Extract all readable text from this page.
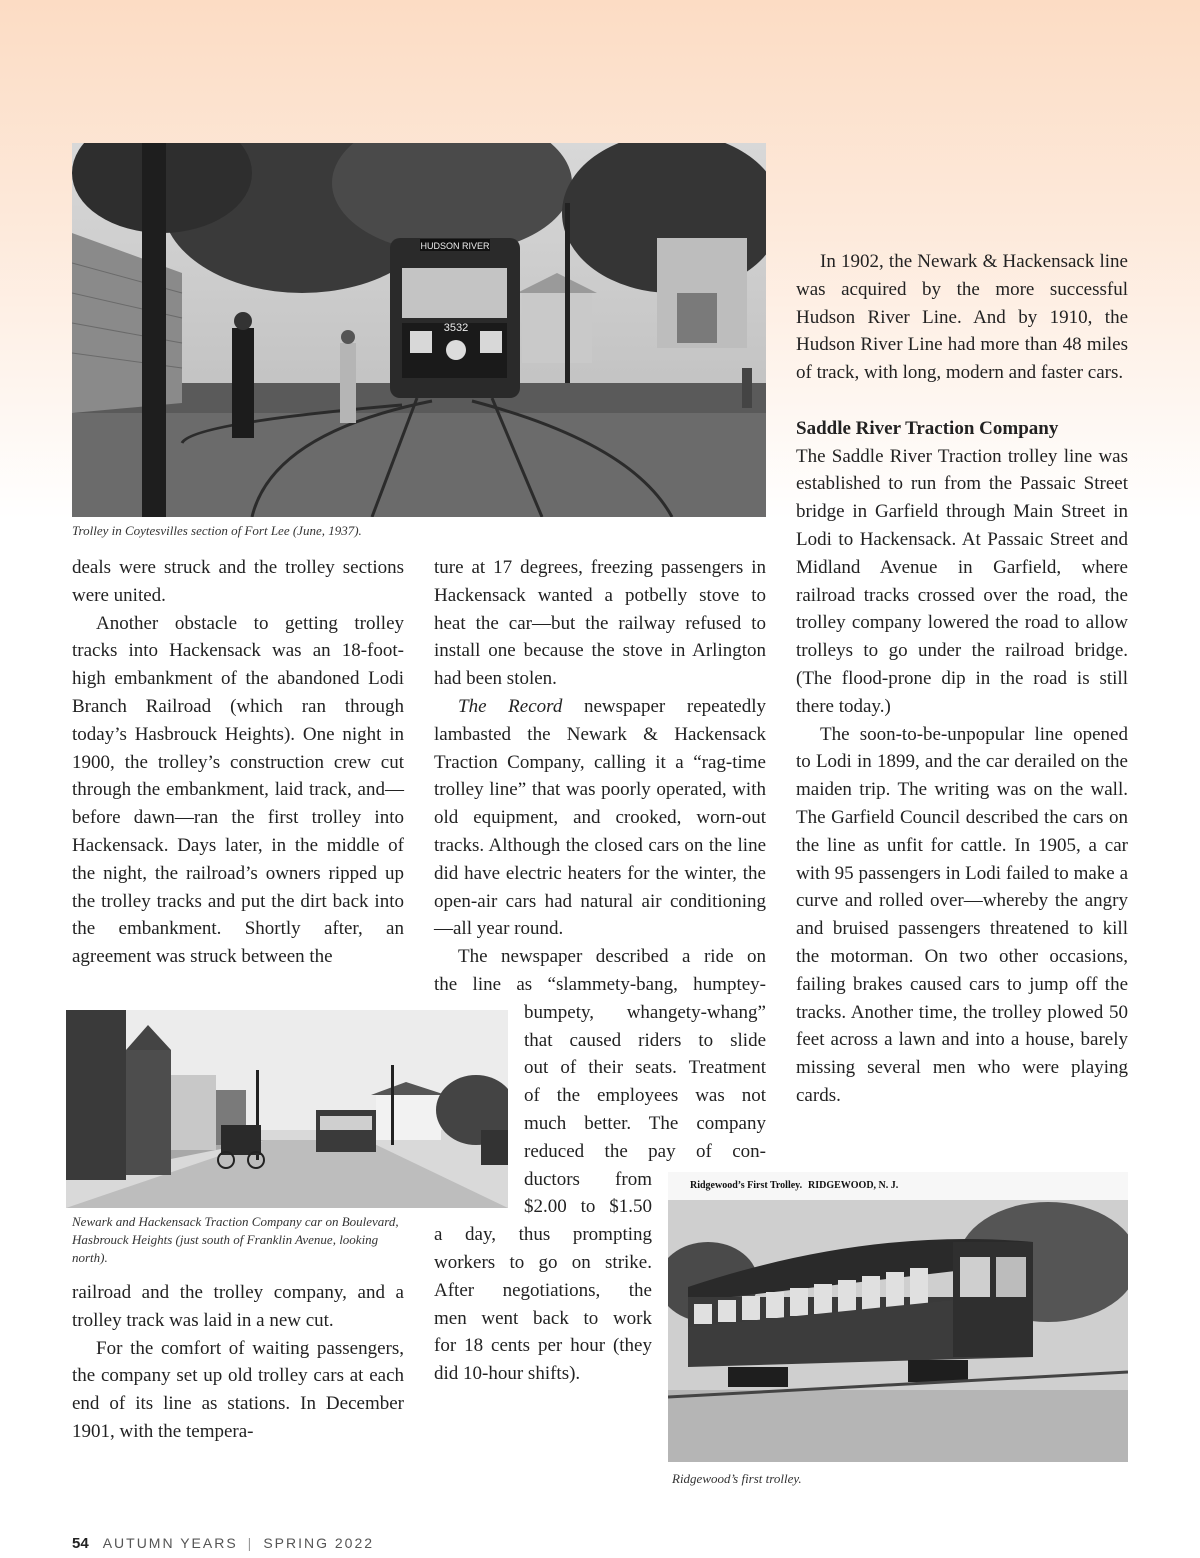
HUDSON RIVER
3532
Trolley in Coytesvilles section of Fort Lee (June, 1937).

deals were struck and the trolley sections were united.

Another obstacle to getting trolley tracks into Hackensack was an 18-foot-high embankment of the abandoned Lodi Branch Railroad (which ran through today’s Hasbrouck Heights). One night in 1900, the trolley’s construction crew cut through the embankment, laid track, and—before dawn—ran the first trolley into Hackensack. Days later, in the middle of the night, the railroad’s owners ripped up the trolley tracks and put the dirt back into the embankment. Shortly after, an agreement was struck between the

Newark and Hackensack Traction Company car on Boulevard, Hasbrouck Heights (just south of Franklin Avenue, looking north).

railroad and the trolley company, and a trolley track was laid in a new cut.

For the comfort of waiting passengers, the company set up old trolley cars at each end of its line as stations. In December 1901, with the tempera-

ture at 17 degrees, freezing passengers in Hackensack wanted a potbelly stove to heat the car—but the railway refused to install one because the stove in Arlington had been stolen.

The Record newspaper repeatedly lambasted the Newark & Hackensack Traction Company, calling it a “rag-time trolley line” that was poorly operated, with old equipment, and crooked, worn-out tracks. Although the closed cars on the line did have electric heaters for the winter, the open-air cars had natural air conditioning—all year round.

The newspaper described a ride on
the line as “slammety-bang, humptey-
bumpety, whangety-whang”
that caused riders to slide
out of their seats. Treatment
of the employees was not
much better. The company
reduced the pay of con-
ductors from
$2.00 to $1.50
a day, thus prompting
workers to go on strike.
After negotiations, the
men went back to work
for 18 cents per hour (they
did 10-hour shifts).

In 1902, the Newark & Hackensack line was acquired by the more successful Hudson River Line. And by 1910, the Hudson River Line had more than 48 miles of track, with long, modern and faster cars.

Saddle River Traction Company

The Saddle River Traction trolley line was established to run from the Passaic Street bridge in Garfield through Main Street in Lodi to Hackensack. At Passaic Street and Midland Avenue in Garfield, where railroad tracks crossed over the road, the trolley company lowered the road to allow trolleys to go under the railroad bridge. (The flood-prone dip in the road is still there today.)

The soon-to-be-unpopular line opened to Lodi in 1899, and the car derailed on the maiden trip. The writing was on the wall. The Garfield Council described the cars on the line as unfit for cattle. In 1905, a car with 95 passengers in Lodi failed to make a curve and rolled over—whereby the angry and bruised passengers threatened to kill the motorman. On two other occasions, failing brakes caused cars to jump off the tracks. Another time, the trolley plowed 50 feet across a lawn and into a house, barely missing several men who were playing cards.

Ridgewood’s First Trolley. RIDGEWOOD, N. J.
Ridgewood’s first trolley.
54 AUTUMN YEARS | SPRING 2022
